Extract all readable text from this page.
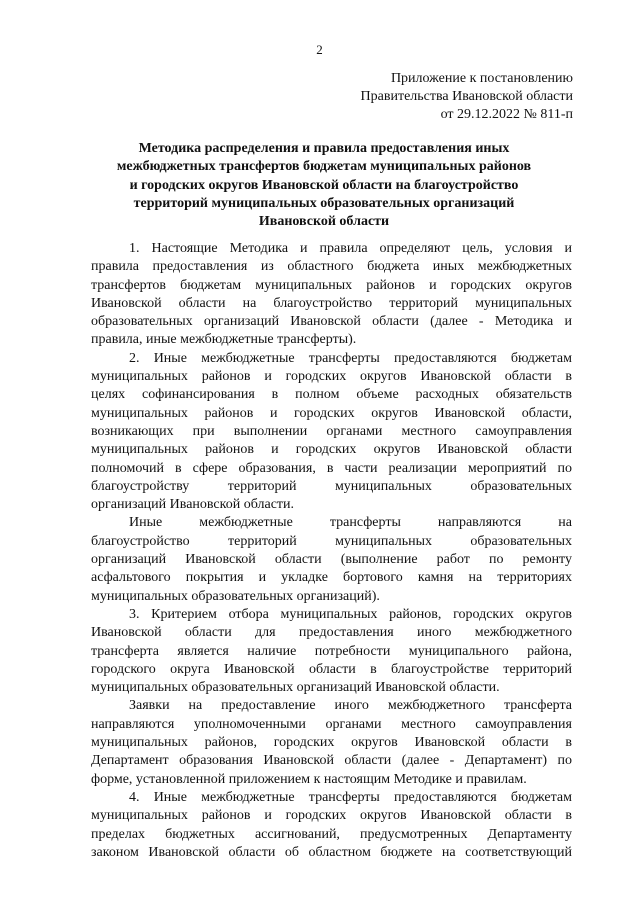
2
Приложение к постановлению
Правительства Ивановской области
от 29.12.2022 № 811-п
Методика распределения и правила предоставления иных
межбюджетных трансфертов бюджетам муниципальных районов
и городских округов Ивановской области на благоустройство
территорий муниципальных образовательных организаций
Ивановской области
1. Настоящие Методика и правила определяют цель, условия и
правила предоставления из областного бюджета иных межбюджетных
трансфертов бюджетам муниципальных районов и городских округов
Ивановской области на благоустройство территорий муниципальных
образовательных организаций Ивановской области (далее - Методика и
правила, иные межбюджетные трансферты).
2. Иные межбюджетные трансферты предоставляются бюджетам
муниципальных районов и городских округов Ивановской области в
целях софинансирования в полном объеме расходных обязательств
муниципальных районов и городских округов Ивановской области,
возникающих при выполнении органами местного самоуправления
муниципальных районов и городских округов Ивановской области
полномочий в сфере образования, в части реализации мероприятий по
благоустройству территорий муниципальных образовательных
организаций Ивановской области.
Иные межбюджетные трансферты направляются на
благоустройство территорий муниципальных образовательных
организаций Ивановской области (выполнение работ по ремонту
асфальтового покрытия и укладке бортового камня на территориях
муниципальных образовательных организаций).
3. Критерием отбора муниципальных районов, городских округов
Ивановской области для предоставления иного межбюджетного
трансферта является наличие потребности муниципального района,
городского округа Ивановской области в благоустройстве территорий
муниципальных образовательных организаций Ивановской области.
Заявки на предоставление иного межбюджетного трансферта
направляются уполномоченными органами местного самоуправления
муниципальных районов, городских округов Ивановской области в
Департамент образования Ивановской области (далее - Департамент) по
форме, установленной приложением к настоящим Методике и правилам.
4. Иные межбюджетные трансферты предоставляются бюджетам
муниципальных районов и городских округов Ивановской области в
пределах бюджетных ассигнований, предусмотренных Департаменту
законом Ивановской области об областном бюджете на соответствующий
